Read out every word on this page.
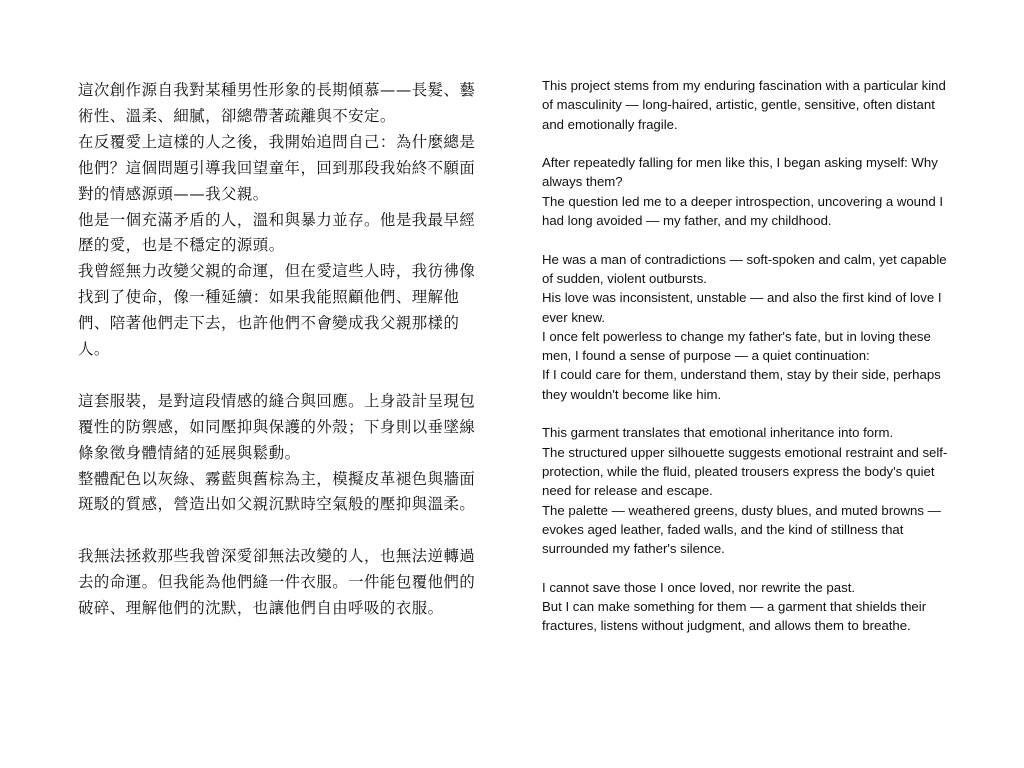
這次創作源自我對某種男性形象的長期傾慕——長髮、藝術性、溫柔、細膩，卻總帶著疏離與不安定。

在反覆愛上這樣的人之後，我開始追問自己：為什麼總是他們？這個問題引導我回望童年，回到那段我始終不願面對的情感源頭——我父親。

他是一個充滿矛盾的人，溫和與暴力並存。他是我最早經歷的愛，也是不穩定的源頭。

我曾經無力改變父親的命運，但在愛這些人時，我彷彿像找到了使命，像一種延續：如果我能照顧他們、理解他們、陪著他們走下去，也許他們不會變成我父親那樣的人。

這套服裝，是對這段情感的縫合與回應。上身設計呈現包覆性的防禦感，如同壓抑與保護的外殼；下身則以垂墜線條象徵身體情緒的延展與鬆動。

整體配色以灰綠、霧藍與舊棕為主，模擬皮革褪色與牆面斑駁的質感，營造出如父親沉默時空氣般的壓抑與溫柔。

我無法拯救那些我曾深愛卻無法改變的人，也無法逆轉過去的命運。但我能為他們縫一件衣服。一件能包覆他們的破碎、理解他們的沈默，也讓他們自由呼吸的衣服。

This project stems from my enduring fascination with a particular kind of masculinity — long-haired, artistic, gentle, sensitive, often distant and emotionally fragile.

After repeatedly falling for men like this, I began asking myself: Why always them?

The question led me to a deeper introspection, uncovering a wound I had long avoided — my father, and my childhood.

He was a man of contradictions — soft-spoken and calm, yet capable of sudden, violent outbursts.

His love was inconsistent, unstable — and also the first kind of love I ever knew.

I once felt powerless to change my father's fate, but in loving these men, I found a sense of purpose — a quiet continuation:

If I could care for them, understand them, stay by their side, perhaps they wouldn't become like him.

This garment translates that emotional inheritance into form.

The structured upper silhouette suggests emotional restraint and self-protection, while the fluid, pleated trousers express the body's quiet need for release and escape.

The palette — weathered greens, dusty blues, and muted browns — evokes aged leather, faded walls, and the kind of stillness that surrounded my father's silence.

I cannot save those I once loved, nor rewrite the past.

But I can make something for them — a garment that shields their fractures, listens without judgment, and allows them to breathe.
